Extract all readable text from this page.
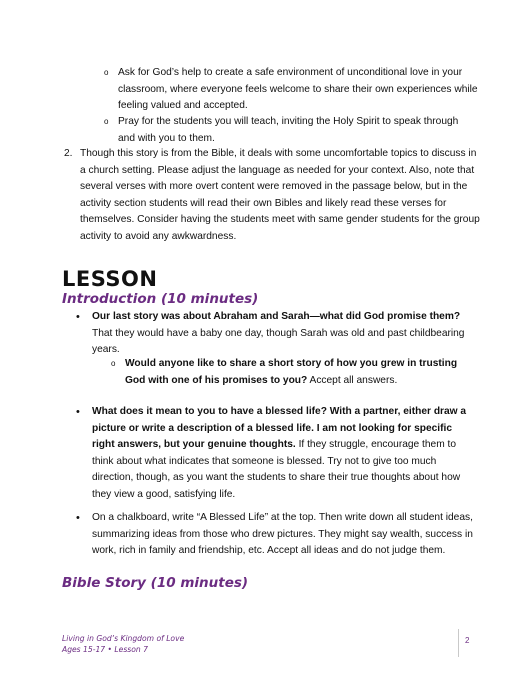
o Ask for God’s help to create a safe environment of unconditional love in your classroom, where everyone feels welcome to share their own experiences while feeling valued and accepted.
o Pray for the students you will teach, inviting the Holy Spirit to speak through and with you to them.
2. Though this story is from the Bible, it deals with some uncomfortable topics to discuss in a church setting. Please adjust the language as needed for your context. Also, note that several verses with more overt content were removed in the passage below, but in the activity section students will read their own Bibles and likely read these verses for themselves. Consider having the students meet with same gender students for the group activity to avoid any awkwardness.
LESSON
Introduction (10 minutes)
• Our last story was about Abraham and Sarah—what did God promise them? That they would have a baby one day, though Sarah was old and past childbearing years.
o Would anyone like to share a short story of how you grew in trusting God with one of his promises to you? Accept all answers.
• What does it mean to you to have a blessed life? With a partner, either draw a picture or write a description of a blessed life. I am not looking for specific right answers, but your genuine thoughts. If they struggle, encourage them to think about what indicates that someone is blessed. Try not to give too much direction, though, as you want the students to share their true thoughts about how they view a good, satisfying life.
• On a chalkboard, write “A Blessed Life” at the top. Then write down all student ideas, summarizing ideas from those who drew pictures. They might say wealth, success in work, rich in family and friendship, etc. Accept all ideas and do not judge them.
Bible Story (10 minutes)
Living in God’s Kingdom of Love
Ages 15-17 • Lesson 7
2
